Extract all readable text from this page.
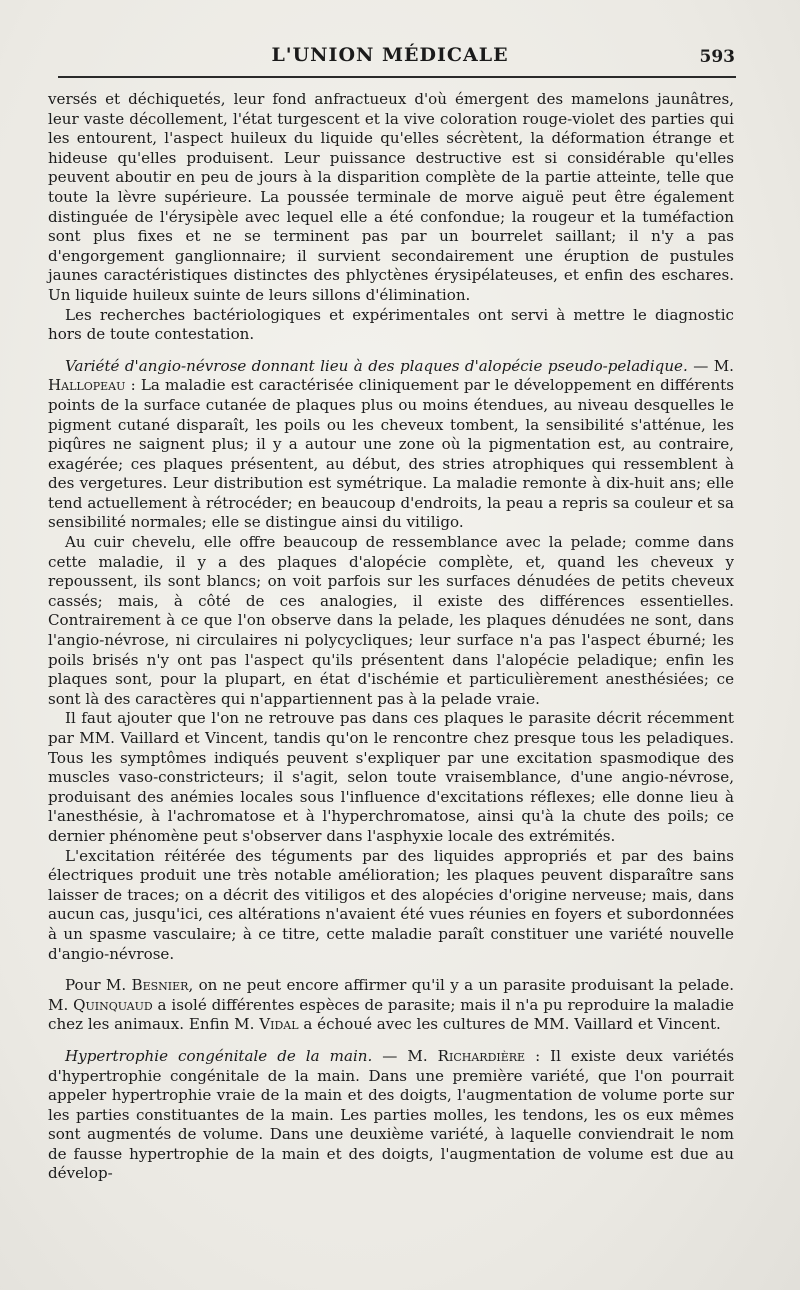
L'UNION MÉDICALE	593

versés et déchiquetés, leur fond anfractueux d'où émergent des mamelons jaunâtres, leur vaste décollement, l'état turgescent et la vive coloration rouge-violet des parties qui les entourent, l'aspect huileux du liquide qu'elles sécrètent, la déformation étrange et hideuse qu'elles produisent. Leur puissance destructive est si considérable qu'elles peuvent aboutir en peu de jours à la disparition complète de la partie atteinte, telle que toute la lèvre supérieure. La poussée terminale de morve aiguë peut être également distinguée de l'érysipèle avec lequel elle a été confondue; la rougeur et la tuméfaction sont plus fixes et ne se terminent pas par un bourrelet saillant; il n'y a pas d'engorgement ganglionnaire; il survient secondairement une éruption de pustules jaunes caractéristiques distinctes des phlyctènes érysipélateuses, et enfin des eschares. Un liquide huileux suinte de leurs sillons d'élimination.

Les recherches bactériologiques et expérimentales ont servi à mettre le diagnostic hors de toute contestation.

Variété d'angio-névrose donnant lieu à des plaques d'alopécie pseudo-peladique. — M. Hallopeau : La maladie est caractérisée cliniquement par le développement en différents points de la surface cutanée de plaques plus ou moins étendues, au niveau desquelles le pigment cutané disparaît, les poils ou les cheveux tombent, la sensibilité s'atténue, les piqûres ne saignent plus; il y a autour une zone où la pigmentation est, au contraire, exagérée; ces plaques présentent, au début, des stries atrophiques qui ressemblent à des vergetures. Leur distribution est symétrique. La maladie remonte à dix-huit ans; elle tend actuellement à rétrocéder; en beaucoup d'endroits, la peau a repris sa couleur et sa sensibilité normales; elle se distingue ainsi du vitiligo.

Au cuir chevelu, elle offre beaucoup de ressemblance avec la pelade; comme dans cette maladie, il y a des plaques d'alopécie complète, et, quand les cheveux y repoussent, ils sont blancs; on voit parfois sur les surfaces dénudées de petits cheveux cassés; mais, à côté de ces analogies, il existe des différences essentielles. Contrairement à ce que l'on observe dans la pelade, les plaques dénudées ne sont, dans l'angio-névrose, ni circulaires ni polycycliques; leur surface n'a pas l'aspect éburné; les poils brisés n'y ont pas l'aspect qu'ils présentent dans l'alopécie peladique; enfin les plaques sont, pour la plupart, en état d'ischémie et particulièrement anesthésiées; ce sont là des caractères qui n'appartiennent pas à la pelade vraie.

Il faut ajouter que l'on ne retrouve pas dans ces plaques le parasite décrit récemment par MM. Vaillard et Vincent, tandis qu'on le rencontre chez presque tous les peladiques. Tous les symptômes indiqués peuvent s'expliquer par une excitation spasmodique des muscles vaso-constricteurs; il s'agit, selon toute vraisemblance, d'une angio-névrose, produisant des anémies locales sous l'influence d'excitations réflexes; elle donne lieu à l'anesthésie, à l'achromatose et à l'hyperchromatose, ainsi qu'à la chute des poils; ce dernier phénomène peut s'observer dans l'asphyxie locale des extrémités.

L'excitation réitérée des téguments par des liquides appropriés et par des bains électriques produit une très notable amélioration; les plaques peuvent disparaître sans laisser de traces; on a décrit des vitiligos et des alopécies d'origine nerveuse; mais, dans aucun cas, jusqu'ici, ces altérations n'avaient été vues réunies en foyers et subordonnées à un spasme vasculaire; à ce titre, cette maladie paraît constituer une variété nouvelle d'angio-névrose.

Pour M. Besnier, on ne peut encore affirmer qu'il y a un parasite produisant la pelade. M. Quinquaud a isolé différentes espèces de parasite; mais il n'a pu reproduire la maladie chez les animaux. Enfin M. Vidal a échoué avec les cultures de MM. Vaillard et Vincent.

Hypertrophie congénitale de la main. — M. Richardière : Il existe deux variétés d'hypertrophie congénitale de la main. Dans une première variété, que l'on pourrait appeler hypertrophie vraie de la main et des doigts, l'augmentation de volume porte sur les parties constituantes de la main. Les parties molles, les tendons, les os eux mêmes sont augmentés de volume. Dans une deuxième variété, à laquelle conviendrait le nom de fausse hypertrophie de la main et des doigts, l'augmentation de volume est due au dévelop-
